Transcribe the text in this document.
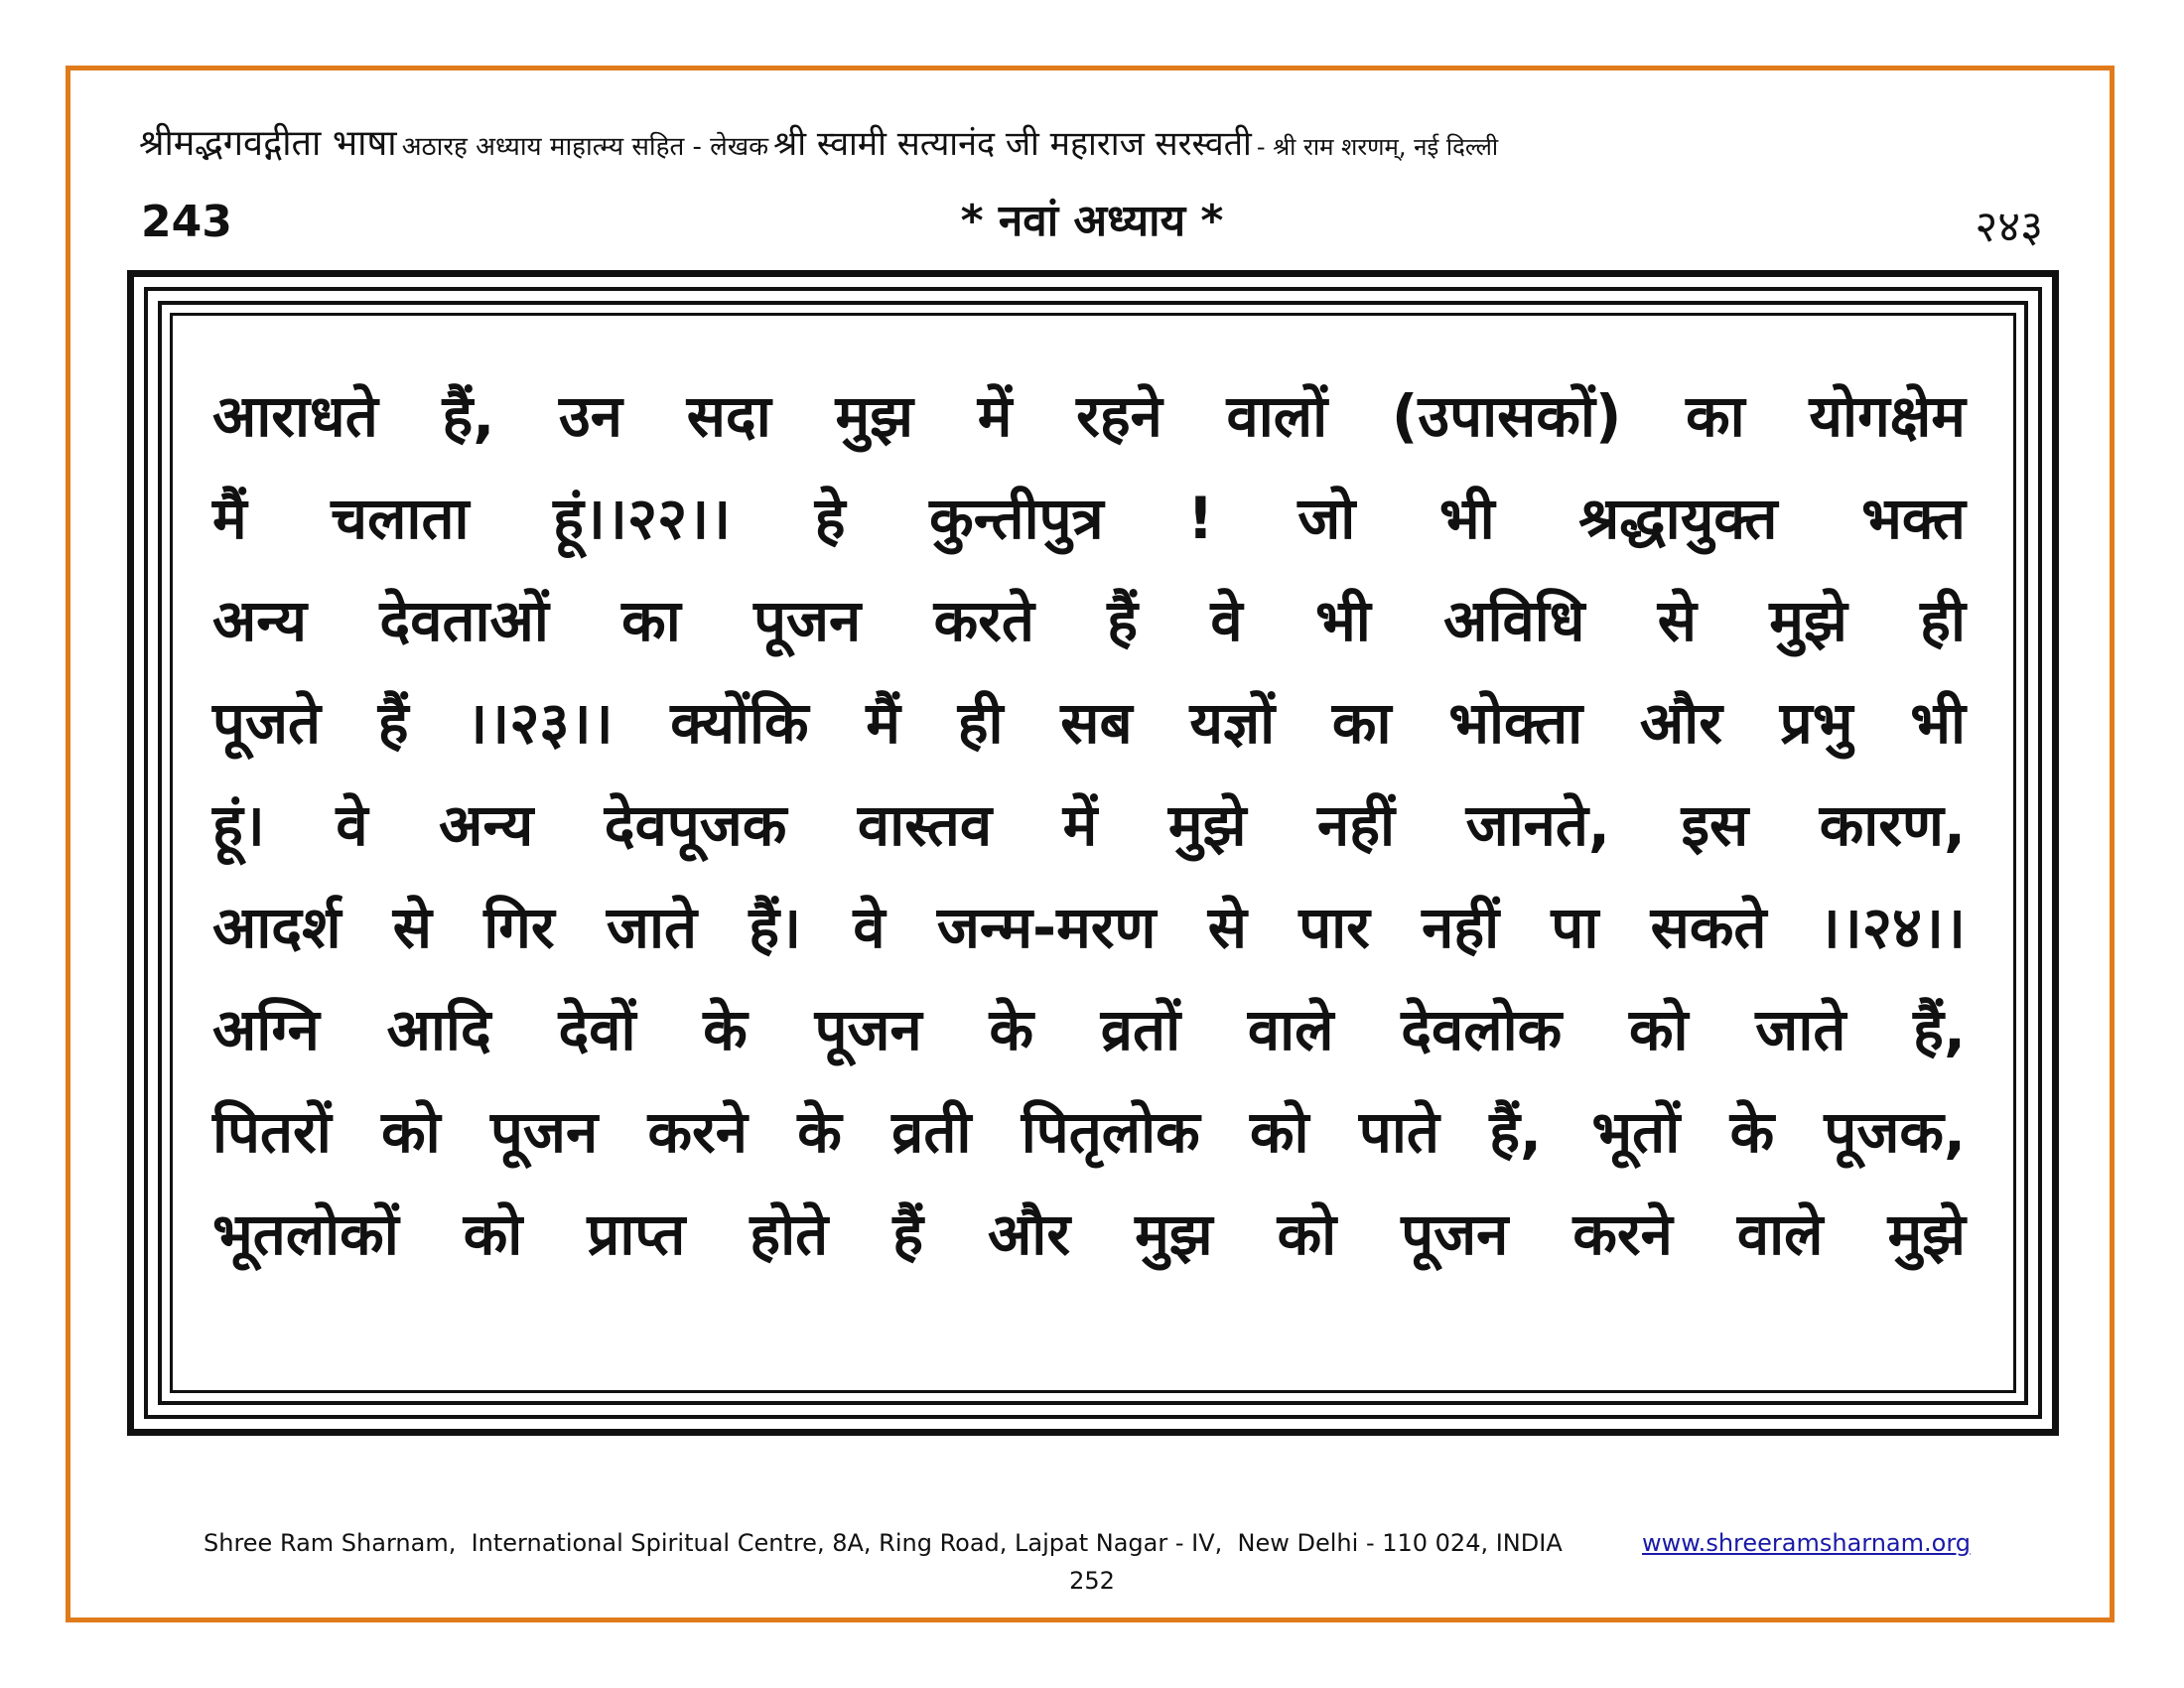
श्रीमद्भगवद्गीता भाषा अठारह अध्याय माहात्म्य सहित - लेखक श्री स्वामी सत्यानंद जी महाराज सरस्वती - श्री राम शरणम्, नई दिल्ली
243	* नवां अध्याय *	२४३
आराधते हैं, उन सदा मुझ में रहने वालों (उपासकों) का योगक्षेम
मैं चलाता हूं।।२२।। हे कुन्तीपुत्र ! जो भी श्रद्धायुक्त भक्त
अन्य देवताओं का पूजन करते हैं वे भी अविधि से मुझे ही
पूजते हैं ।।२३।। क्योंकि मैं ही सब यज्ञों का भोक्ता और प्रभु भी
हूं। वे अन्य देवपूजक वास्तव में मुझे नहीं जानते, इस कारण,
आदर्श से गिर जाते हैं। वे जन्म-मरण से पार नहीं पा सकते ।।२४।।
अग्नि आदि देवों के पूजन के व्रतों वाले देवलोक को जाते हैं,
पितरों को पूजन करने के व्रती पितृलोक को पाते हैं, भूतों के पूजक,
भूतलोकों को प्राप्त होते हैं और मुझ को पूजन करने वाले मुझे
Shree Ram Sharnam,  International Spiritual Centre, 8A, Ring Road, Lajpat Nagar - IV,  New Delhi - 110 024, INDIA	www.shreeramsharnam.org
252
